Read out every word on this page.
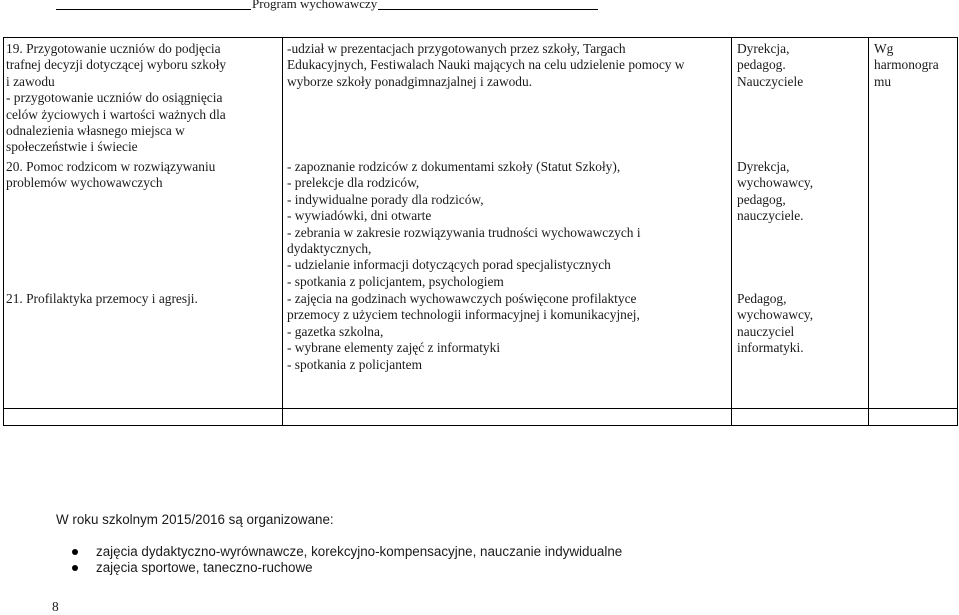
Program wychowawczy
19. Przygotowanie uczniów do podjęcia
trafnej decyzji dotyczącej wyboru szkoły
i zawodu
- przygotowanie uczniów do osiągnięcia
celów życiowych i wartości ważnych dla
odnalezienia własnego miejsca w
społeczeństwie i świecie
-udział w prezentacjach przygotowanych przez szkoły, Targach
Edukacyjnych, Festiwalach Nauki mających na celu udzielenie pomocy w
wyborze szkoły ponadgimnazjalnej i zawodu.
Dyrekcja,
pedagog.
Nauczyciele
Wg
harmonogra
mu
20. Pomoc rodzicom w rozwiązywaniu
problemów wychowawczych
- zapoznanie rodziców z dokumentami szkoły (Statut Szkoły),
- prelekcje dla rodziców,
- indywidualne porady dla rodziców,
- wywiadówki, dni otwarte
- zebrania w zakresie rozwiązywania trudności wychowawczych i
dydaktycznych,
- udzielanie informacji dotyczących porad specjalistycznych
- spotkania z policjantem, psychologiem
Dyrekcja,
wychowawcy,
pedagog,
nauczyciele.
21. Profilaktyka przemocy i agresji.	- zajęcia na godzinach wychowawczych poświęcone profilaktyce
przemocy z użyciem technologii informacyjnej i komunikacyjnej,
- gazetka szkolna,
- wybrane elementy zajęć z informatyki
- spotkania z policjantem
Pedagog,
wychowawcy,
nauczyciel
informatyki.
W roku szkolnym 2015/2016 są organizowane:
zajęcia dydaktyczno-wyrównawcze, korekcyjno-kompensacyjne, nauczanie indywidualne
zajęcia sportowe, taneczno-ruchowe
8
